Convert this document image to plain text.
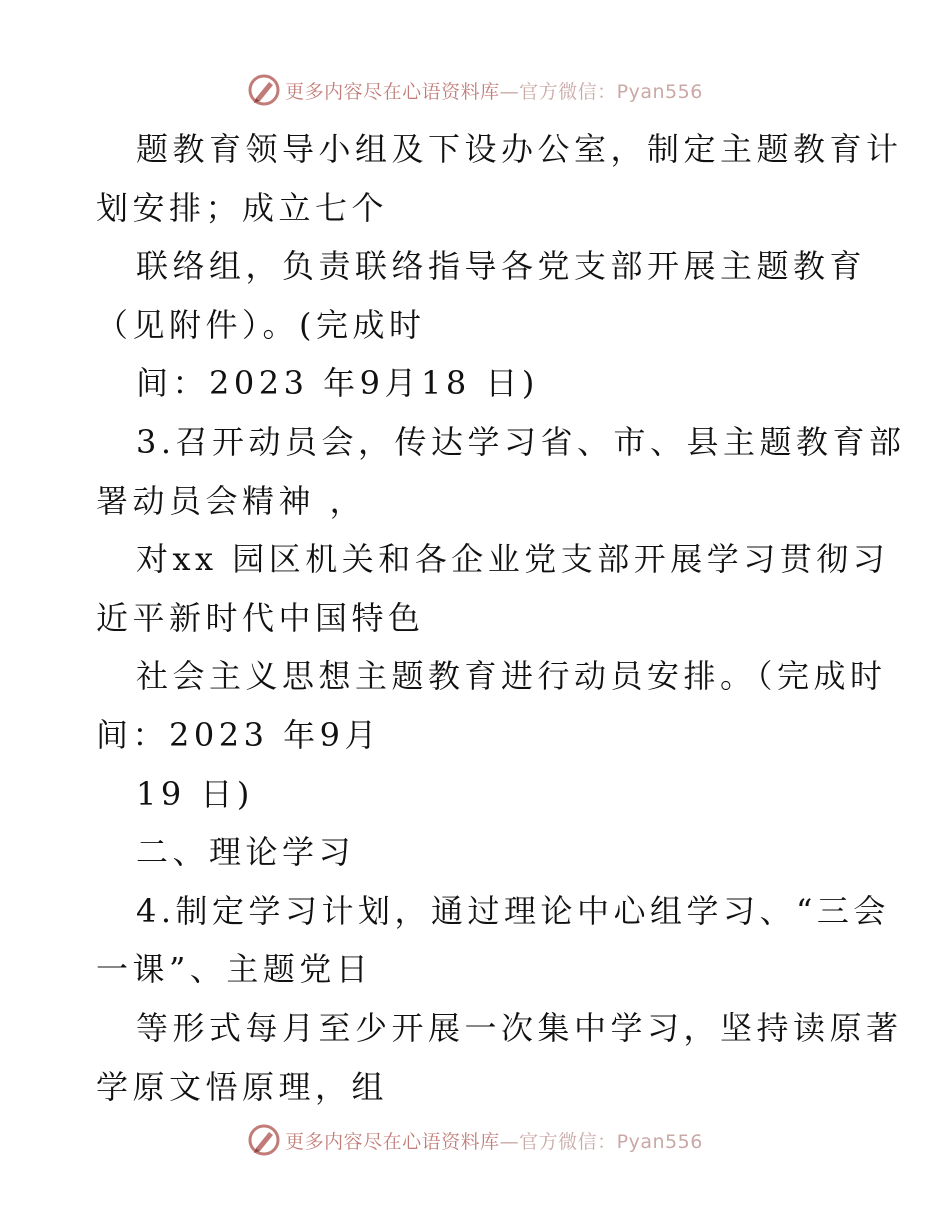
更多内容尽在心语资料库—官方微信：Pyan556
题教育领导小组及下设办公室，制定主题教育计
划安排；成立七个
联络组，负责联络指导各党支部开展主题教育
（见附件）。(完成时
间：2023 年9月18 日)
3.召开动员会，传达学习省、市、县主题教育部
署动员会精神 ，
对xx 园区机关和各企业党支部开展学习贯彻习
近平新时代中国特色
社会主义思想主题教育进行动员安排。（完成时
间：2023 年9月
19 日)
二、理论学习
4.制定学习计划，通过理论中心组学习、“三会
一课”、主题党日
等形式每月至少开展一次集中学习，坚持读原著
学原文悟原理，组
更多内容尽在心语资料库—官方微信：Pyan556
